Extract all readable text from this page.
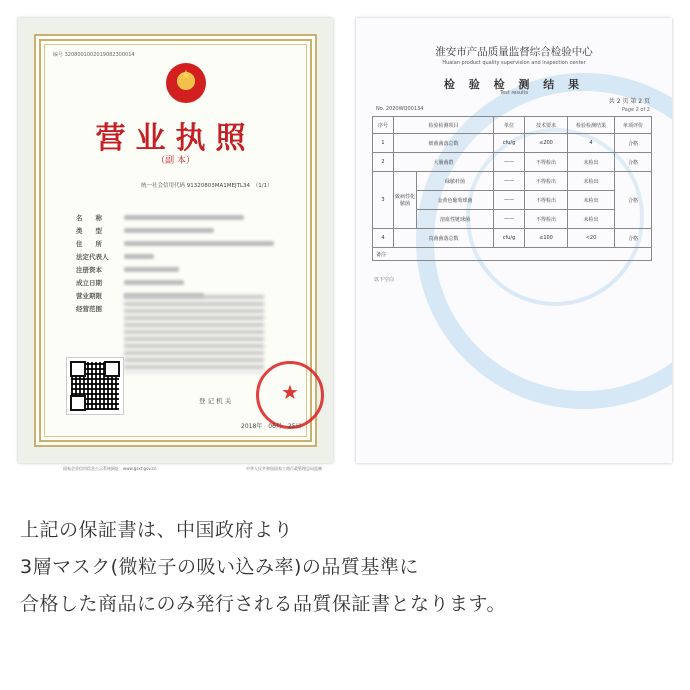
编号 3208001002019082300014
★
营业执照
（副 本）
统一社会信用代码 91320803MA1MEJTL34　（1/1）
名　　称
类　　型
住　　所
法定代表人
注册资本
成立日期
营业期限
经营范围
登 记 机 关	★
2018年　06月　25日
国家企业信用信息公示系统网址：www.gsxt.gov.cn	中华人民共和国国家工商行政管理总局监制
淮安市产品质量监督综合检验中心
Huaian product quality supervision and inspection center
检 验 检 测 结 果
Test results
No. 2020WQ00134
共 2 页 第 2 页
Page 2 of 2
序号	检验检测项目		单位	技术要求	检验检测结果	单项评价
1	细菌菌落总数		cfu/g	≤200	4	合格
2	大肠菌群		——	不得检出	未检出	合格
3	致病性化脓菌	绿脓杆菌	——	不得检出	未检出	合格
		金黄色葡萄球菌	——	不得检出	未检出	
		溶血性链球菌	——	不得检出	未检出	
4	真菌菌落总数		cfu/g	≤100	<20	合格
备注						
以下空白
上記の保証書は、中国政府より
3層マスク(微粒子の吸い込み率)の品質基準に
合格した商品にのみ発行される品質保証書となります。
